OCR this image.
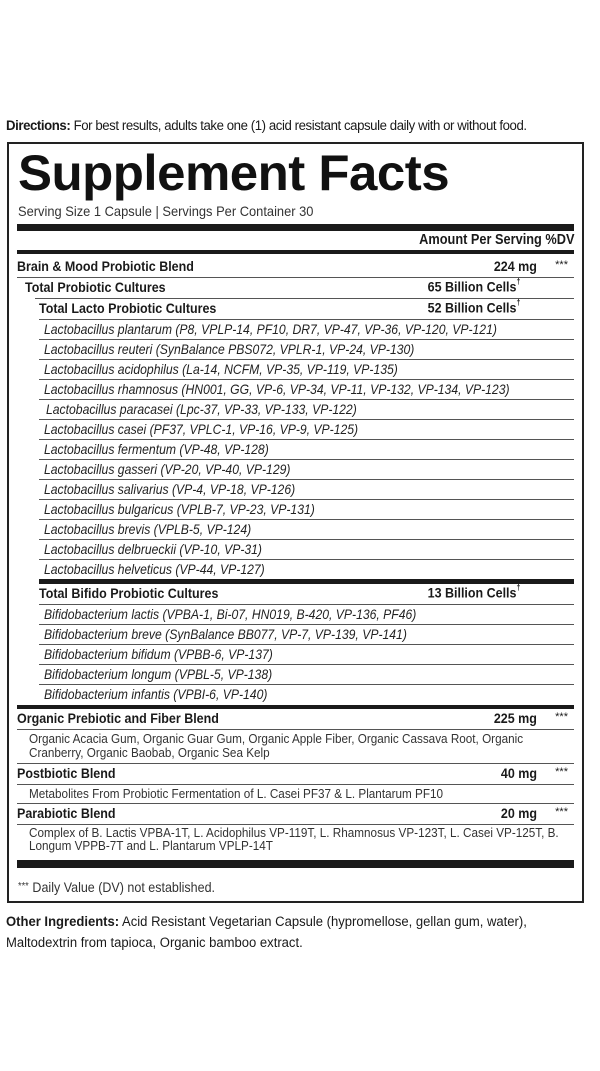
Directions: For best results, adults take one (1) acid resistant capsule daily with or without food.
Supplement Facts
Serving Size 1 Capsule | Servings Per Container 30
Amount Per Serving %DV
Brain & Mood Probiotic Blend	224 mg ***
Total Probiotic Cultures	65 Billion Cells†
Total Lacto Probiotic Cultures	52 Billion Cells†
Lactobacillus plantarum (P8, VPLP-14, PF10, DR7, VP-47, VP-36, VP-120, VP-121)
Lactobacillus reuteri (SynBalance PBS072, VPLR-1, VP-24, VP-130)
Lactobacillus acidophilus (La-14, NCFM, VP-35, VP-119, VP-135)
Lactobacillus rhamnosus (HN001, GG, VP-6, VP-34, VP-11, VP-132, VP-134, VP-123)
Lactobacillus paracasei (Lpc-37, VP-33, VP-133, VP-122)
Lactobacillus casei (PF37, VPLC-1, VP-16, VP-9, VP-125)
Lactobacillus fermentum (VP-48, VP-128)
Lactobacillus gasseri (VP-20, VP-40, VP-129)
Lactobacillus salivarius (VP-4, VP-18, VP-126)
Lactobacillus bulgaricus (VPLB-7, VP-23, VP-131)
Lactobacillus brevis (VPLB-5, VP-124)
Lactobacillus delbrueckii (VP-10, VP-31)
Lactobacillus helveticus (VP-44, VP-127)
Total Bifido Probiotic Cultures	13 Billion Cells†
Bifidobacterium lactis (VPBA-1, Bi-07, HN019, B-420, VP-136, PF46)
Bifidobacterium breve (SynBalance BB077, VP-7, VP-139, VP-141)
Bifidobacterium bifidum (VPBB-6, VP-137)
Bifidobacterium longum (VPBL-5, VP-138)
Bifidobacterium infantis (VPBI-6, VP-140)
Organic Prebiotic and Fiber Blend	225 mg ***
Organic Acacia Gum, Organic Guar Gum, Organic Apple Fiber, Organic Cassava Root, Organic Cranberry, Organic Baobab, Organic Sea Kelp
Postbiotic Blend	40 mg ***
Metabolites From Probiotic Fermentation of L. Casei PF37 & L. Plantarum PF10
Parabiotic Blend	20 mg ***
Complex of B. Lactis VPBA-1T, L. Acidophilus VP-119T, L. Rhamnosus VP-123T, L. Casei VP-125T, B. Longum VPPB-7T and L. Plantarum VPLP-14T
*** Daily Value (DV) not established.
Other Ingredients: Acid Resistant Vegetarian Capsule (hypromellose, gellan gum, water), Maltodextrin from tapioca, Organic bamboo extract.
